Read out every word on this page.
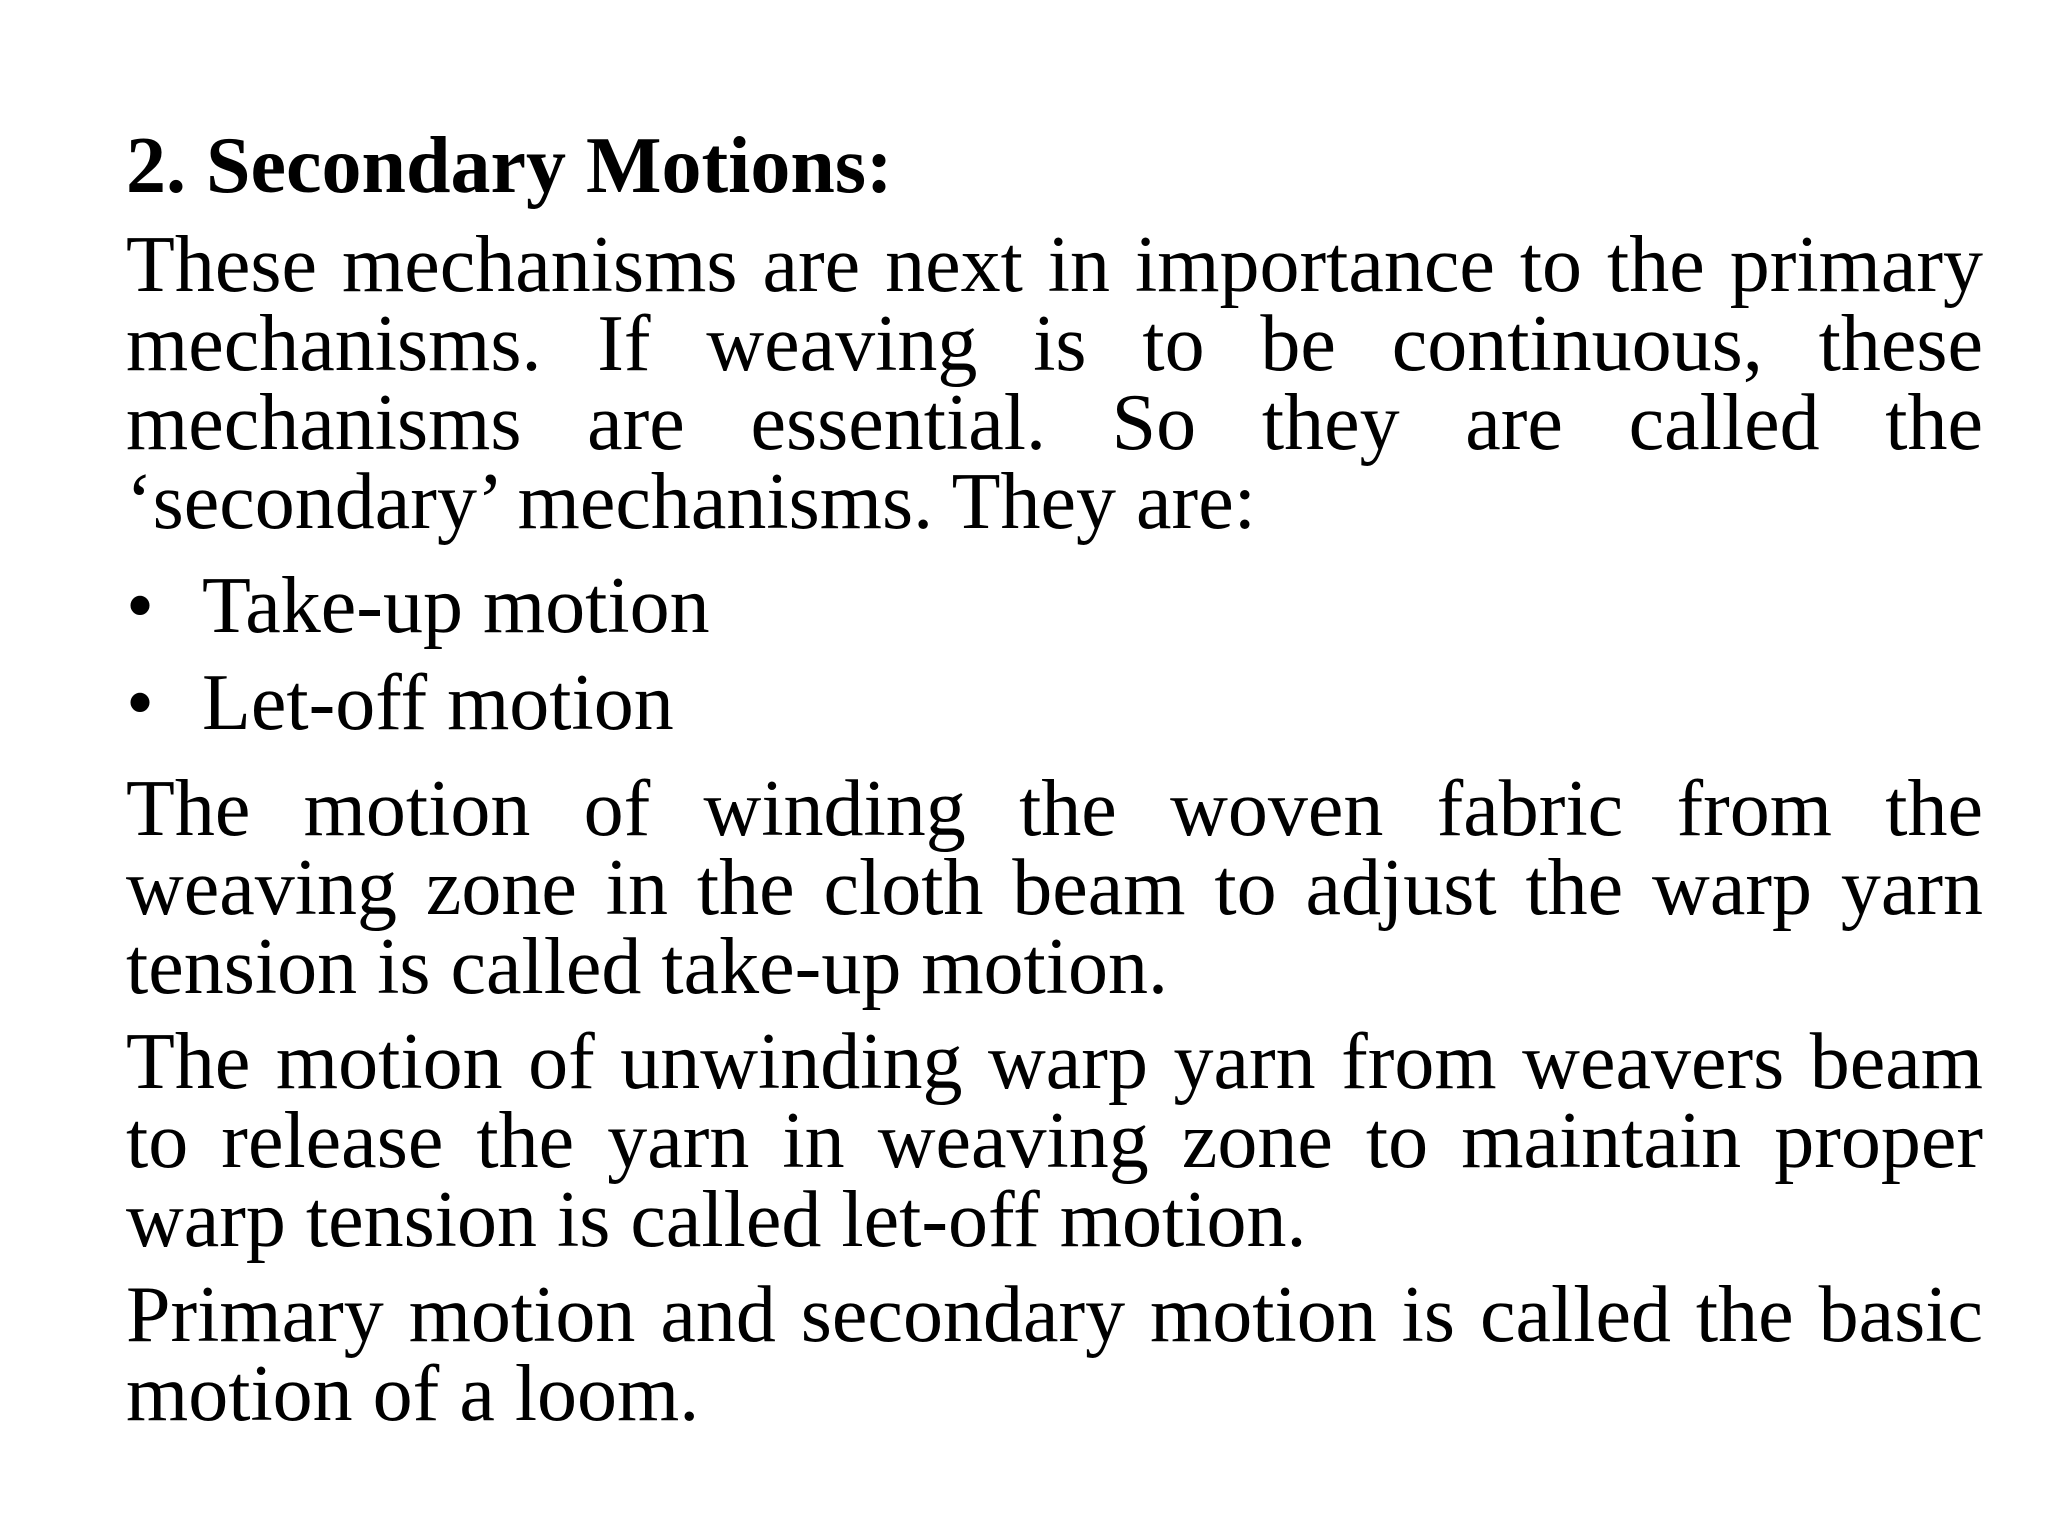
2. Secondary Motions:

These mechanisms are next in importance to the primary mechanisms. If weaving is to be continuous, these mechanisms are essential. So they are called the ‘secondary’ mechanisms. They are:

• Take-up motion
• Let-off motion

The motion of winding the woven fabric from the weaving zone in the cloth beam to adjust the warp yarn tension is called take-up motion.

The motion of unwinding warp yarn from weavers beam to release the yarn in weaving zone to maintain proper warp tension is called let-off motion.

Primary motion and secondary motion is called the basic motion of a loom.
